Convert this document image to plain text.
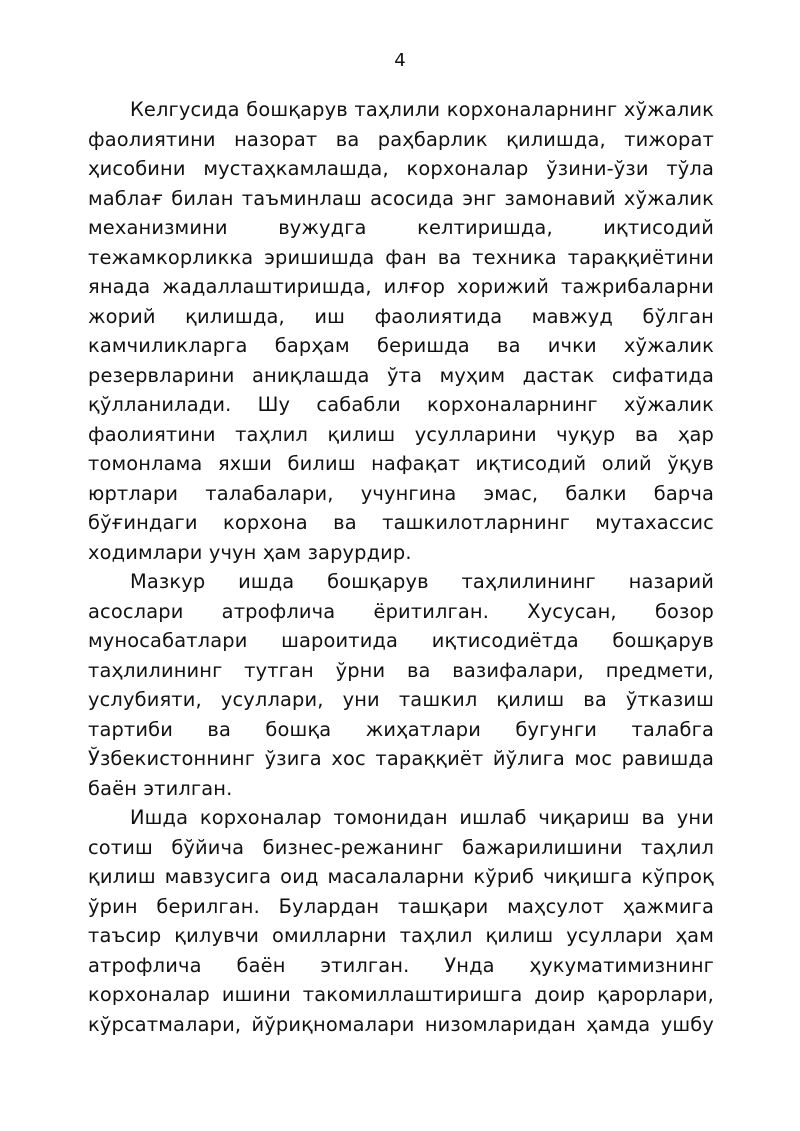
4

Келгусида бошқарув таҳлили корхоналарнинг хўжалик
фаолиятини назорат ва раҳбарлик қилишда, тижорат
ҳисобини мустаҳкамлашда, корхоналар ўзини-ўзи тўла
маблағ билан таъминлаш асосида энг замонавий хўжалик
механизмини вужудга келтиришда, иқтисодий
тежамкорликка эришишда фан ва техника тараққиётини
янада жадаллаштиришда, илғор хорижий тажрибаларни
жорий қилишда, иш фаолиятида мавжуд бўлган
камчиликларга барҳам беришда ва ички хўжалик
резервларини аниқлашда ўта муҳим дастак сифатида
қўлланилади. Шу сабабли корхоналарнинг хўжалик
фаолиятини таҳлил қилиш усулларини чуқур ва ҳар
томонлама яхши билиш нафақат иқтисодий олий ўқув
юртлари талабалари, учунгина эмас, балки барча
бўғиндаги корхона ва ташкилотларнинг мутахассис
ходимлари учун ҳам зарурдир.

Мазкур ишда бошқарув таҳлилининг назарий
асослари атрофлича ёритилган. Хусусан, бозор
муносабатлари шароитида иқтисодиётда бошқарув
таҳлилининг тутган ўрни ва вазифалари, предмети,
услубияти, усуллари, уни ташкил қилиш ва ўтказиш
тартиби ва бошқа жиҳатлари бугунги талабга
Ўзбекистоннинг ўзига хос тараққиёт йўлига мос равишда
баён этилган.

Ишда корхоналар томонидан ишлаб чиқариш ва уни
сотиш бўйича бизнес-режанинг бажарилишини таҳлил
қилиш мавзусига оид масалаларни кўриб чиқишга кўпроқ
ўрин берилган. Булардан ташқари маҳсулот ҳажмига
таъсир қилувчи омилларни таҳлил қилиш усуллари ҳам
атрофлича баён этилган. Унда ҳукуматимизнинг
корхоналар ишини такомиллаштиришга доир қарорлари,
кўрсатмалари, йўриқномалари низомларидан ҳамда ушбу
